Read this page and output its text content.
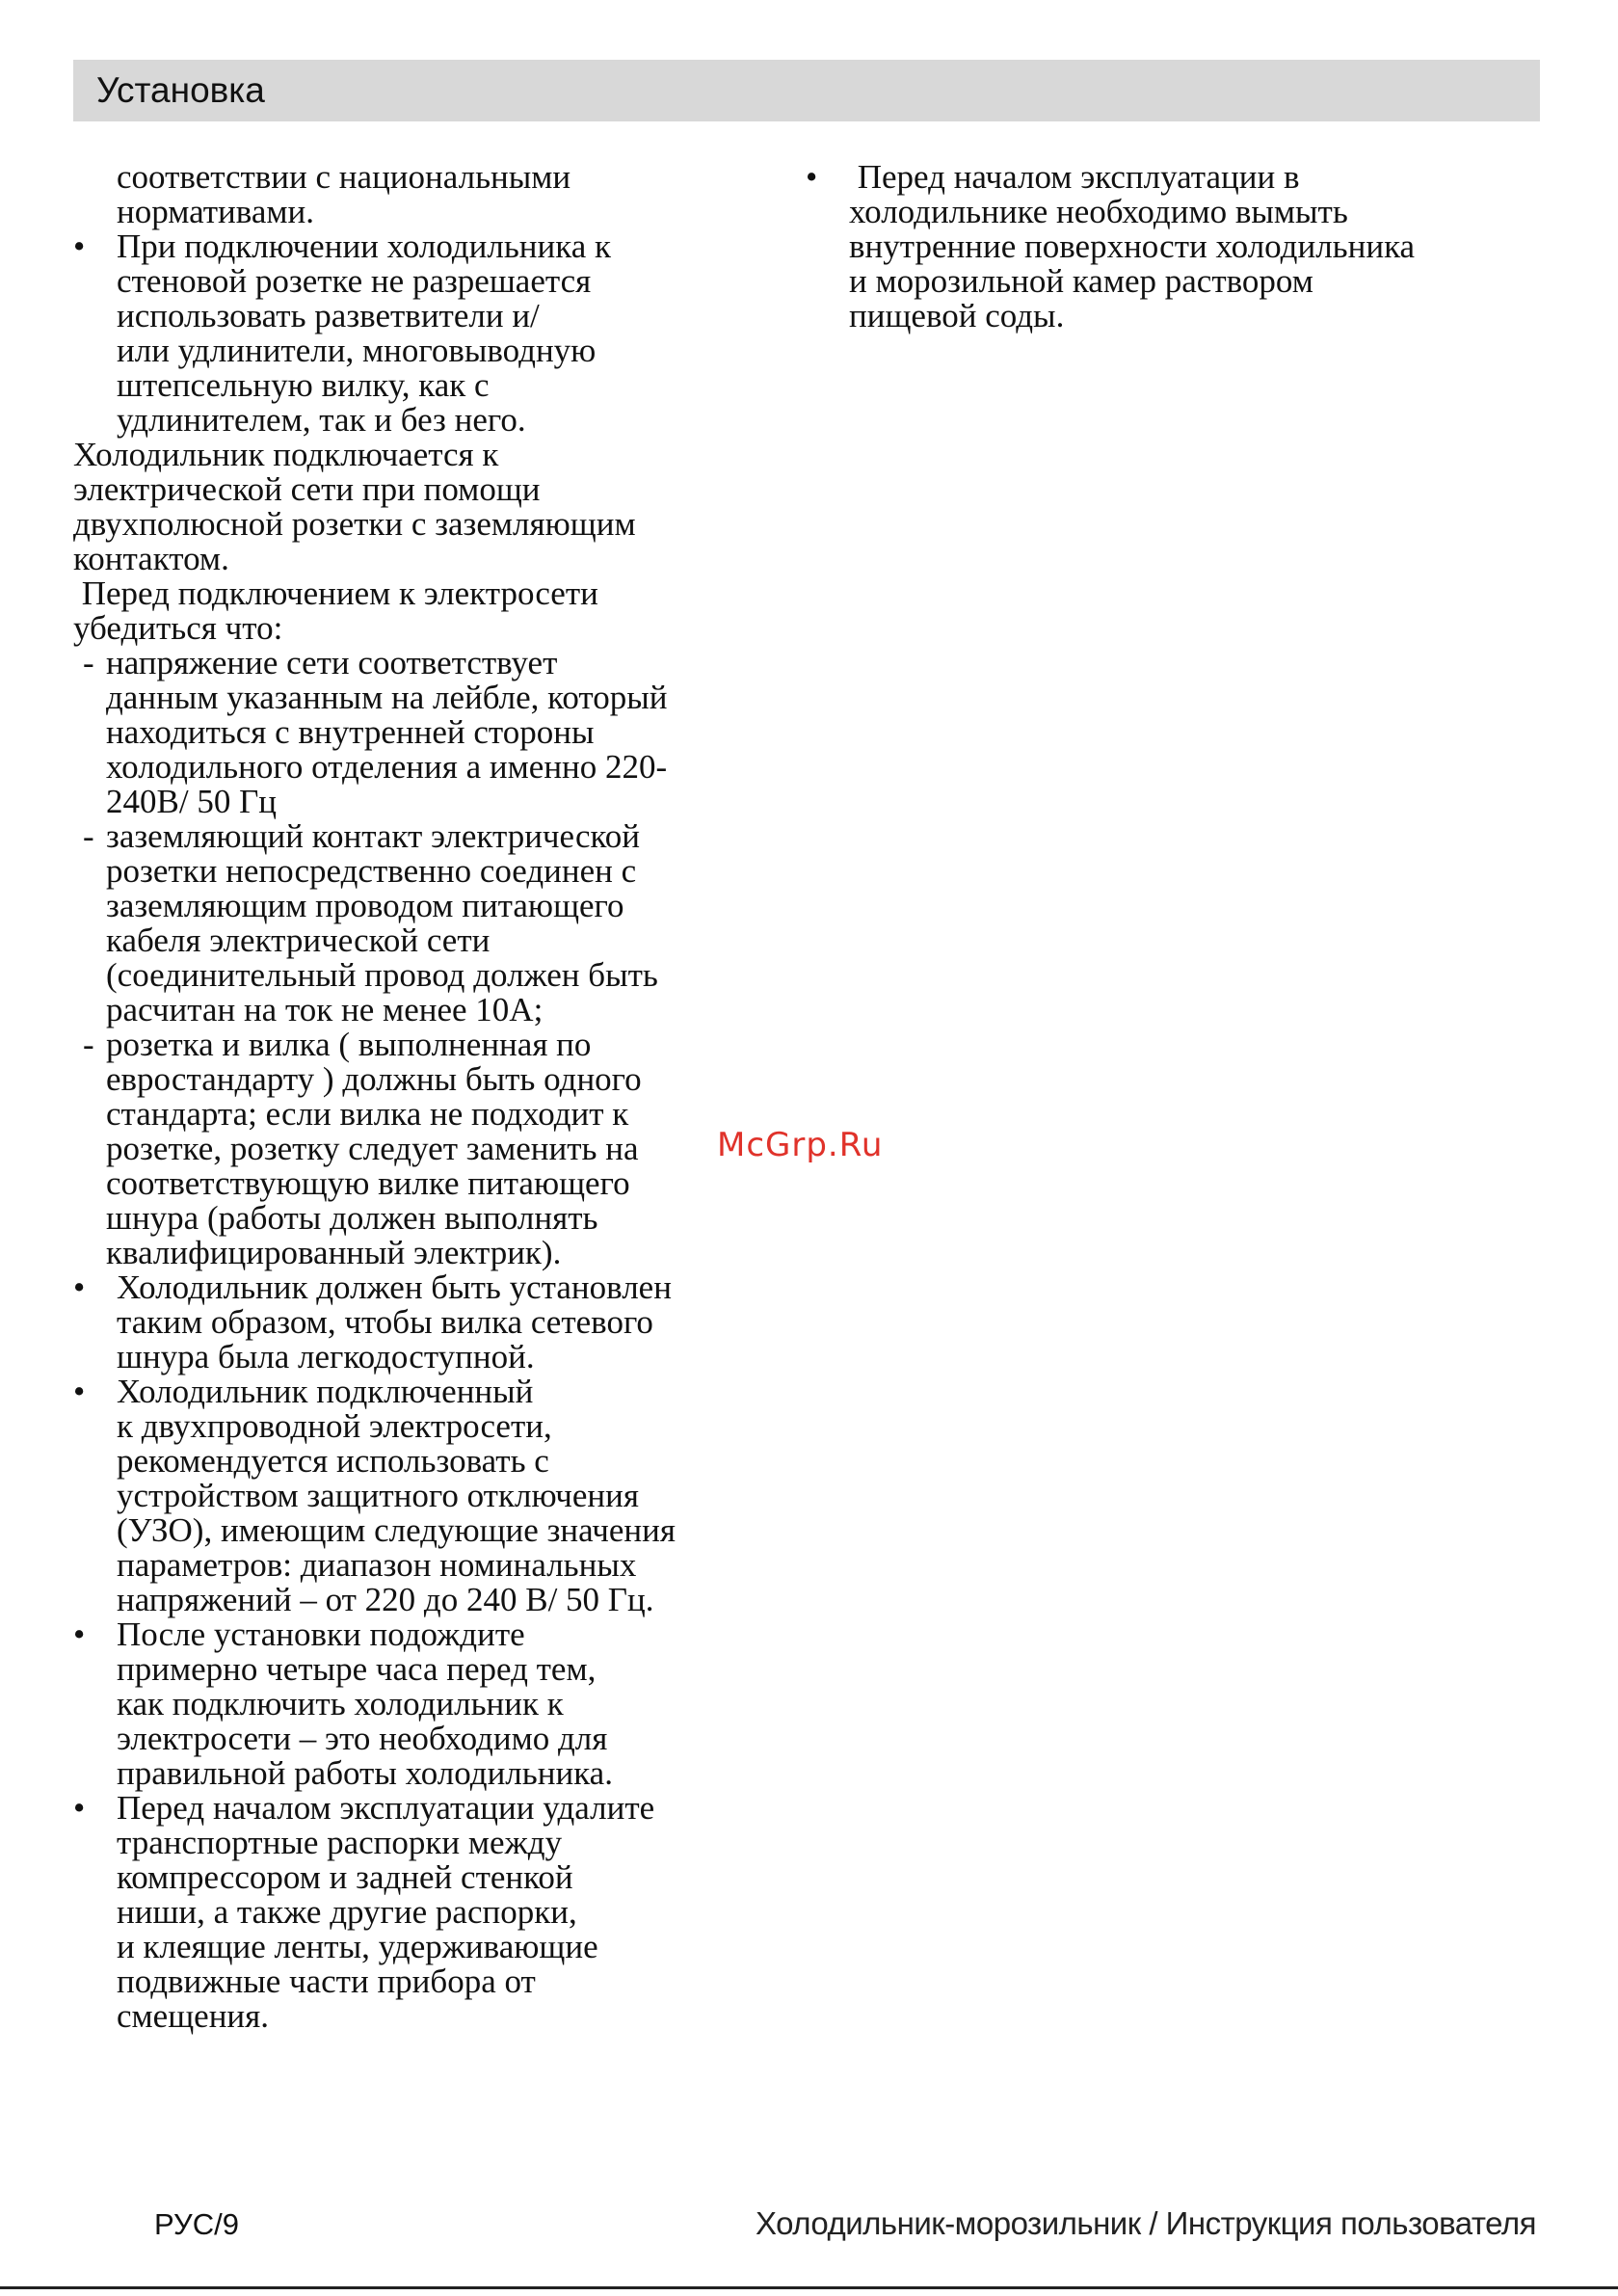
Установка
соответствии с национальными
нормативами.
• При подключении холодильника к
стеновой розетке не разрешается
использовать разветвители и/
или удлинители, многовыводную
штепсельную вилку, как с
удлинителем, так и без него.
Холодильник подключается к
электрической сети при помощи
двухполюсной розетки с заземляющим
контактом.
Перед подключением к электросети
убедиться что:
- напряжение сети соответствует
данным указанным на лейбле, который
находиться с внутренней стороны
холодильного отделения а именно 220-
240В/ 50 Гц
- заземляющий контакт электрической
розетки непосредственно соединен с
заземляющим проводом питающего
кабеля электрической сети
(соединительный провод должен быть
расчитан на ток не менее 10А;
- розетка и вилка ( выполненная по
евростандарту ) должны быть одного
стандарта; если вилка не подходит к
розетке, розетку следует заменить на
соответствующую вилке питающего
шнура (работы должен выполнять
квалифицированный электрик).
• Холодильник должен быть установлен
таким образом, чтобы вилка сетевого
шнура была легкодоступной.
• Холодильник подключенный
к двухпроводной электросети,
рекомендуется использовать с
устройством защитного отключения
(УЗО), имеющим следующие значения
параметров: диапазон номинальных
напряжений – от 220 до 240 В/ 50 Гц.
• После установки подождите
примерно четыре часа перед тем,
как подключить холодильник к
электросети – это необходимо для
правильной работы холодильника.
• Перед началом эксплуатации удалите
транспортные распорки между
компрессором и задней стенкой
ниши, а также другие распорки,
и клеящие ленты, удерживающие
подвижные части прибора от
смещения.
•  Перед началом эксплуатации в
холодильнике необходимо вымыть
внутренние поверхности холодильника
и морозильной камер раствором
пищевой соды.
McGrp.Ru
РУС/9	Холодильник-морозильник / Инструкция пользователя
